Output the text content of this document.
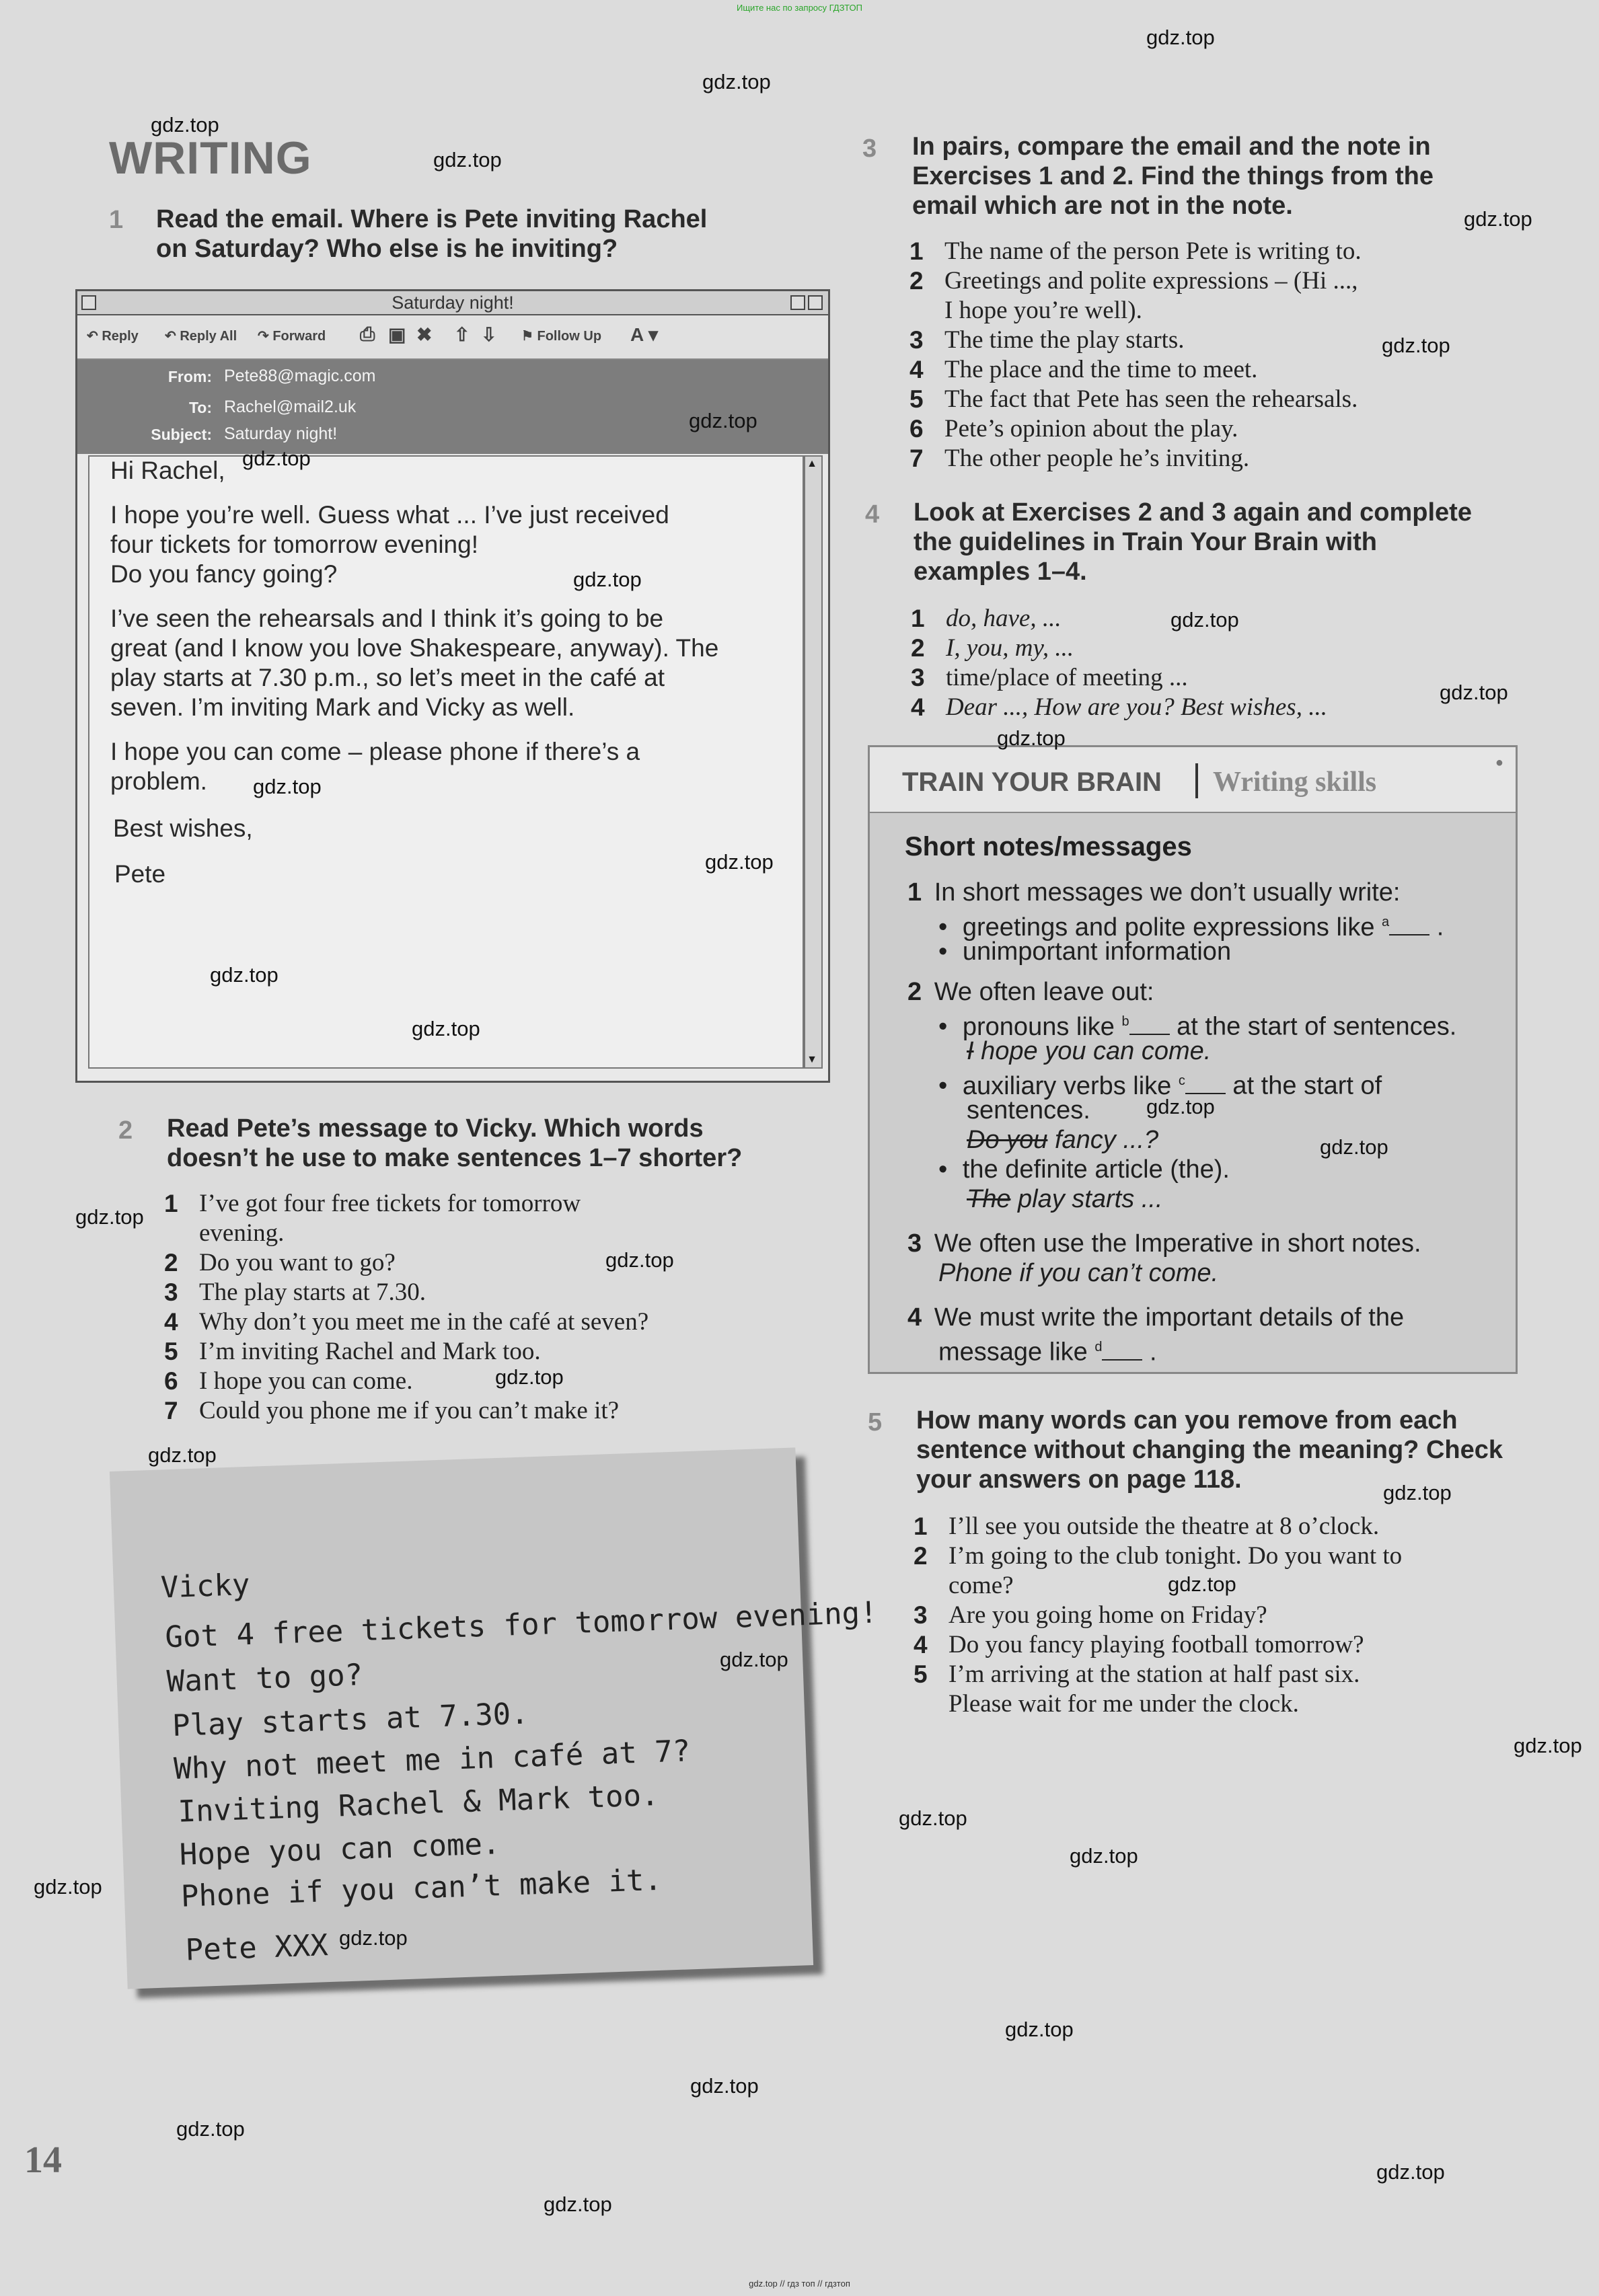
Ищите нас по запросу ГДЗТОП
gdz.top // гдз топ // гдзтоп
WRITING
1 Read the email. Where is Pete inviting Rachel
on Saturday? Who else is he inviting?
Saturday night!
↶ Reply ↶ Reply All ↷ Forward ⎙ ▣ ✖ ⇧ ⇩ ⚑ Follow Up A ▾
From: Pete88@magic.com
To: Rachel@mail2.uk
Subject: Saturday night!
▲
▼
Hi Rachel,
I hope you’re well. Guess what ... I’ve just received
four tickets for tomorrow evening!
Do you fancy going?
I’ve seen the rehearsals and I think it’s going to be
great (and I know you love Shakespeare, anyway). The
play starts at 7.30 p.m., so let’s meet in the café at
seven. I’m inviting Mark and Vicky as well.
I hope you can come – please phone if there’s a
problem.
Best wishes,
Pete
2 Read Pete’s message to Vicky. Which words
doesn’t he use to make sentences 1–7 shorter?
1 I’ve got four free tickets for tomorrow
evening.
2 Do you want to go?
3 The play starts at 7.30.
4 Why don’t you meet me in the café at seven?
5 I’m inviting Rachel and Mark too.
6 I hope you can come.
7 Could you phone me if you can’t make it?
Vicky
Got 4 free tickets for tomorrow evening!
Want to go?
Play starts at 7.30.
Why not meet me in café at 7?
Inviting Rachel & Mark too.
Hope you can come.
Phone if you can’t make it.
Pete XXX
3 In pairs, compare the email and the note in
Exercises 1 and 2. Find the things from the
email which are not in the note.
1 The name of the person Pete is writing to.
2 Greetings and polite expressions – (Hi ...,
I hope you’re well).
3 The time the play starts.
4 The place and the time to meet.
5 The fact that Pete has seen the rehearsals.
6 Pete’s opinion about the play.
7 The other people he’s inviting.
4 Look at Exercises 2 and 3 again and complete
the guidelines in Train Your Brain with
examples 1–4.
1 do, have, ...
2 I, you, my, ...
3 time/place of meeting ...
4 Dear ..., How are you? Best wishes, ...
TRAIN YOUR BRAIN Writing skills
●
Short notes/messages
1 In short messages we don’t usually write:
• greetings and polite expressions like $^a$ .
• unimportant information
2 We often leave out:
• pronouns like $^b$ at the start of sentences.
I hope you can come.
• auxiliary verbs like $^c$ at the start of
sentences.
Do you fancy ...?
• the definite article (the).
The play starts ...
3 We often use the Imperative in short notes.
Phone if you can’t come.
4 We must write the important details of the
message like $^d$ .
5 How many words can you remove from each
sentence without changing the meaning? Check
your answers on page 118.
1 I’ll see you outside the theatre at 8 o’clock.
2 I’m going to the club tonight. Do you want to
come?
3 Are you going home on Friday?
4 Do you fancy playing football tomorrow?
5 I’m arriving at the station at half past six.
Please wait for me under the clock.
14
gdz.top
gdz.top
gdz.top
gdz.top
gdz.top
gdz.top
gdz.top
gdz.top
gdz.top
gdz.top
gdz.top
gdz.top
gdz.top
gdz.top
gdz.top
gdz.top
gdz.top
gdz.top
gdz.top
gdz.top
gdz.top
gdz.top
gdz.top
gdz.top
gdz.top
gdz.top
gdz.top
gdz.top
gdz.top
gdz.top
gdz.top
gdz.top
gdz.top
gdz.top
gdz.top
